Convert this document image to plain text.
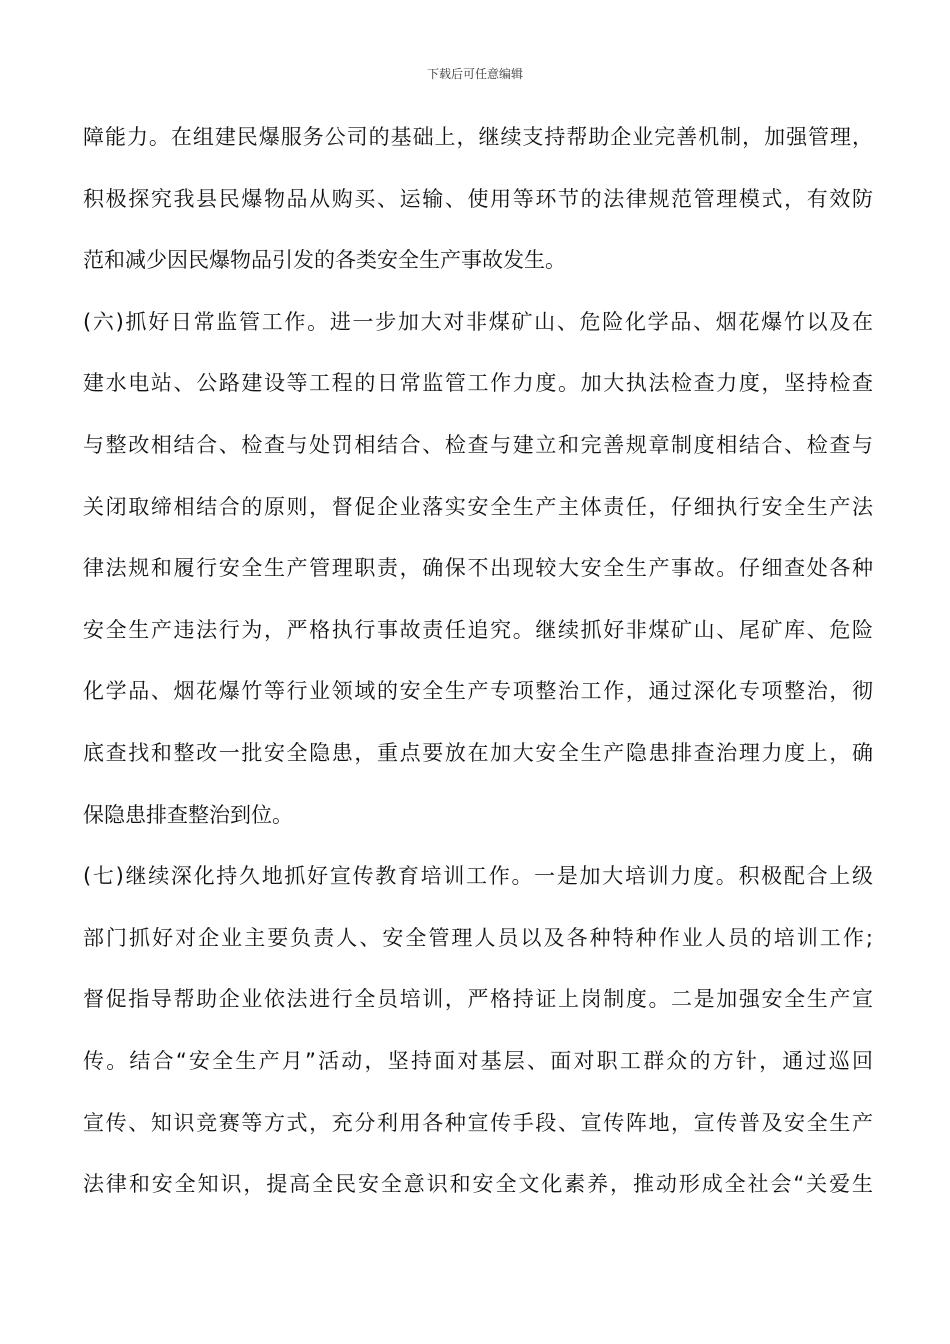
下载后可任意编辑
障能力。在组建民爆服务公司的基础上，继续支持帮助企业完善机制，加强管理，
积极探究我县民爆物品从购买、运输、使用等环节的法律规范管理模式，有效防
范和减少因民爆物品引发的各类安全生产事故发生。
(六)抓好日常监管工作。进一步加大对非煤矿山、危险化学品、烟花爆竹以及在
建水电站、公路建设等工程的日常监管工作力度。加大执法检查力度，坚持检查
与整改相结合、检查与处罚相结合、检查与建立和完善规章制度相结合、检查与
关闭取缔相结合的原则，督促企业落实安全生产主体责任，仔细执行安全生产法
律法规和履行安全生产管理职责，确保不出现较大安全生产事故。仔细查处各种
安全生产违法行为，严格执行事故责任追究。继续抓好非煤矿山、尾矿库、危险
化学品、烟花爆竹等行业领域的安全生产专项整治工作，通过深化专项整治，彻
底查找和整改一批安全隐患，重点要放在加大安全生产隐患排查治理力度上，确
保隐患排查整治到位。
(七)继续深化持久地抓好宣传教育培训工作。一是加大培训力度。积极配合上级
部门抓好对企业主要负责人、安全管理人员以及各种特种作业人员的培训工作;
督促指导帮助企业依法进行全员培训，严格持证上岗制度。二是加强安全生产宣
传。结合“安全生产月”活动，坚持面对基层、面对职工群众的方针，通过巡回
宣传、知识竞赛等方式，充分利用各种宣传手段、宣传阵地，宣传普及安全生产
法律和安全知识，提高全民安全意识和安全文化素养，推动形成全社会“关爱生
